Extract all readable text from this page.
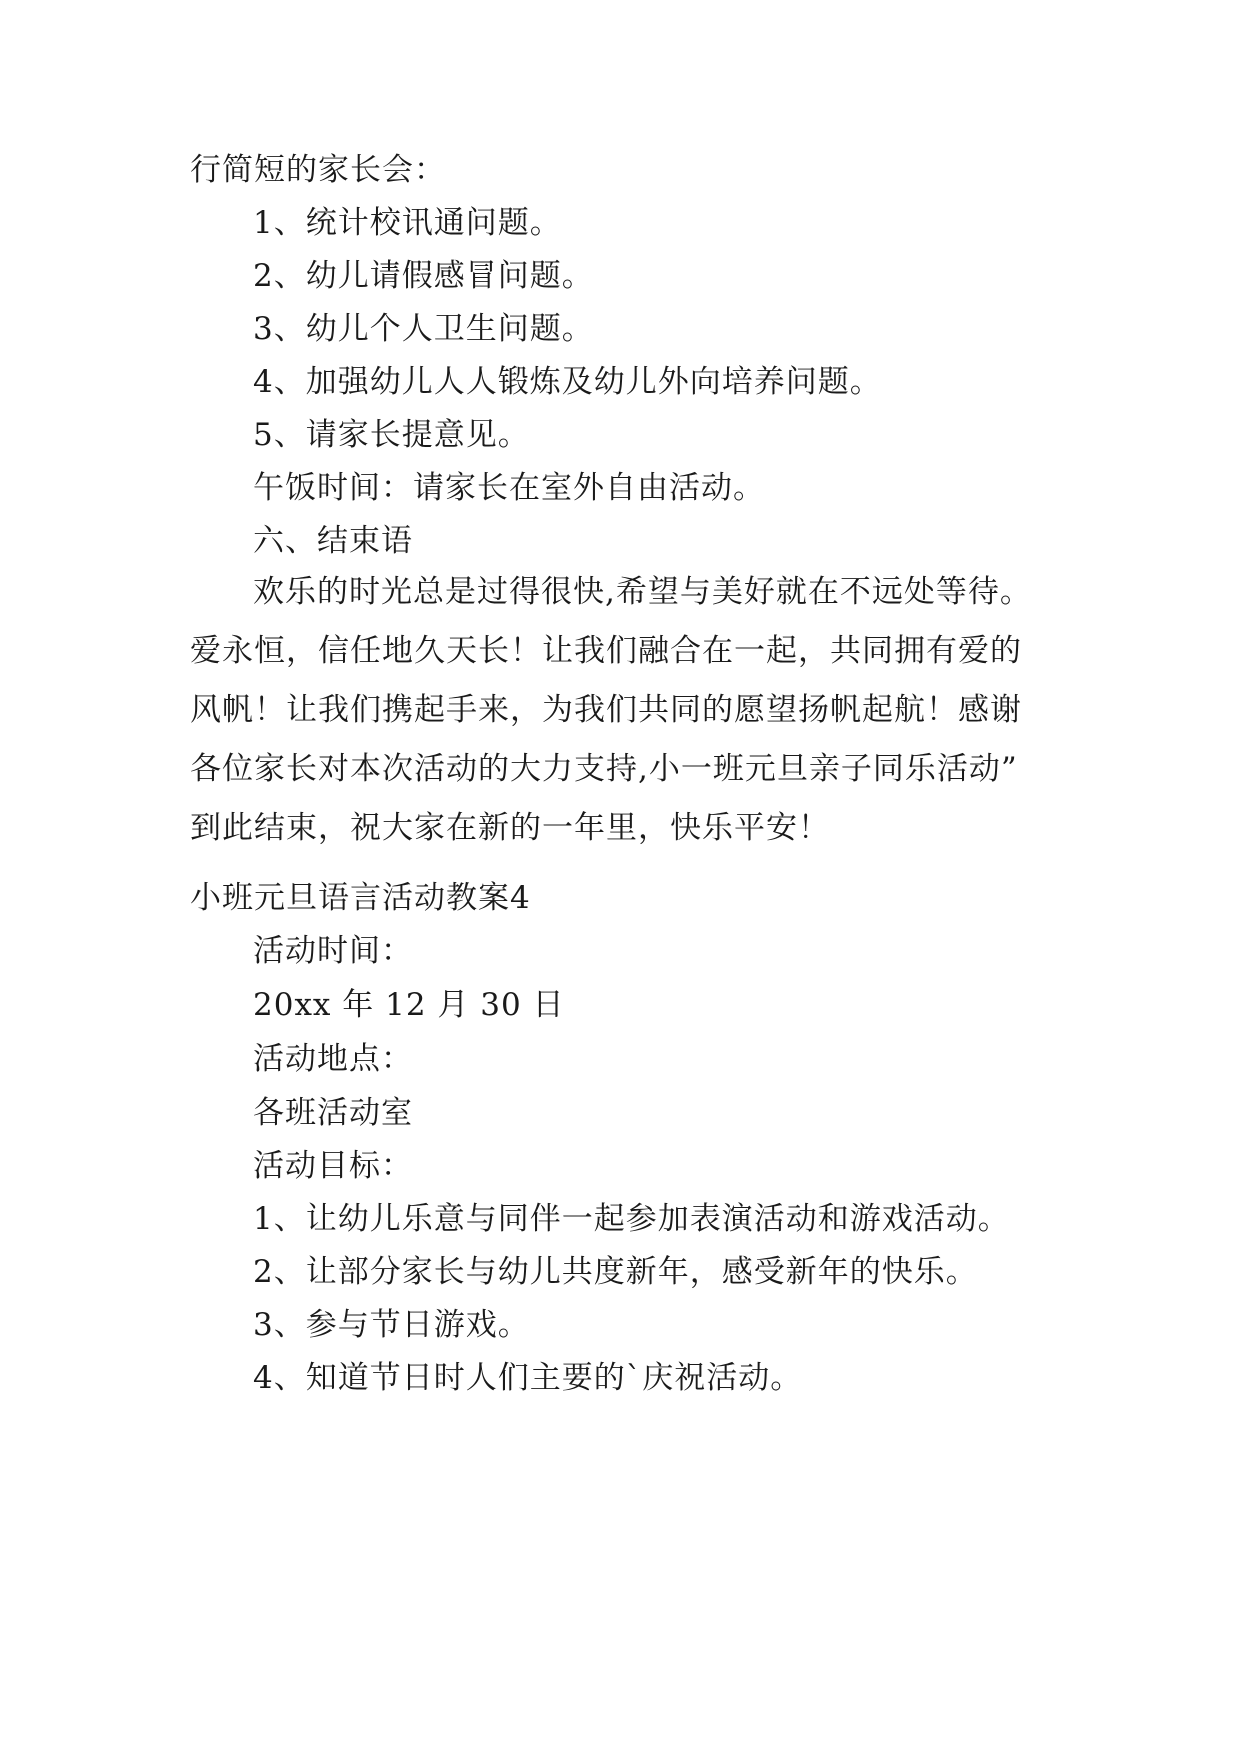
行简短的家长会：
1、统计校讯通问题。
2、幼儿请假感冒问题。
3、幼儿个人卫生问题。
4、加强幼儿人人锻炼及幼儿外向培养问题。
5、请家长提意见。
午饭时间：请家长在室外自由活动。
六、结束语
欢乐的时光总是过得很快,希望与美好就在不远处等待。
爱永恒，信任地久天长！让我们融合在一起，共同拥有爱的
风帆！让我们携起手来，为我们共同的愿望扬帆起航！感谢
各位家长对本次活动的大力支持,小一班元旦亲子同乐活动”
到此结束，祝大家在新的一年里，快乐平安！
小班元旦语言活动教案4
活动时间：
20xx 年 12 月 30 日
活动地点：
各班活动室
活动目标：
1、让幼儿乐意与同伴一起参加表演活动和游戏活动。
2、让部分家长与幼儿共度新年，感受新年的快乐。
3、参与节日游戏。
4、知道节日时人们主要的`庆祝活动。
